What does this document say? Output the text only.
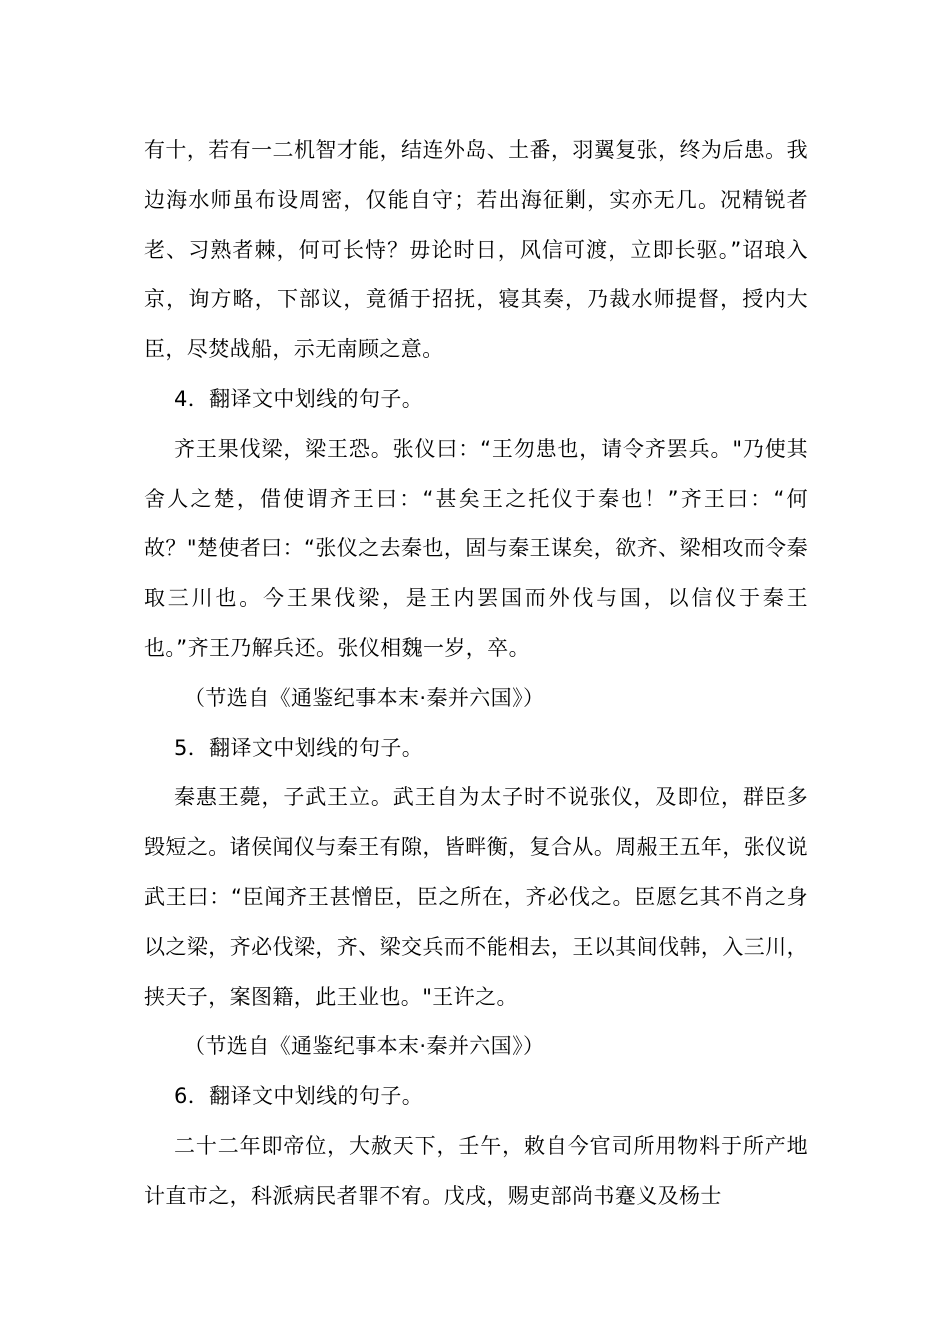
有十，若有一二机智才能，结连外岛、土番，羽翼复张，终为后患。我边海水师虽布设周密，仅能自守；若出海征剿，实亦无几。况精锐者老、习熟者棘，何可长恃？毋论时日，风信可渡，立即长驱。”诏琅入京，询方略，下部议，竟循于招抚，寝其奏，乃裁水师提督，授内大臣，尽焚战船，示无南顾之意。

4．翻译文中划线的句子。

齐王果伐梁，梁王恐。张仪曰：“王勿患也，请令齐罢兵。"乃使其舍人之楚，借使谓齐王曰：“甚矣王之托仪于秦也！”齐王曰：“何故？"楚使者曰：“张仪之去秦也，固与秦王谋矣，欲齐、梁相攻而令秦取三川也。今王果伐梁，是王内罢国而外伐与国，以信仪于秦王也。”齐王乃解兵还。张仪相魏一岁，卒。

（节选自《通鉴纪事本末·秦并六国》）

5．翻译文中划线的句子。

秦惠王薨，子武王立。武王自为太子时不说张仪，及即位，群臣多毁短之。诸侯闻仪与秦王有隙，皆畔衡，复合从。周赧王五年，张仪说武王曰：“臣闻齐王甚憎臣，臣之所在，齐必伐之。臣愿乞其不肖之身以之梁，齐必伐梁，齐、梁交兵而不能相去，王以其间伐韩，入三川，挟天子，案图籍，此王业也。"王许之。

（节选自《通鉴纪事本末·秦并六国》）

6．翻译文中划线的句子。

二十二年即帝位，大赦天下，壬午，敕自今官司所用物料于所产地计直市之，科派病民者罪不宥。戊戌，赐吏部尚书蹇义及杨士
